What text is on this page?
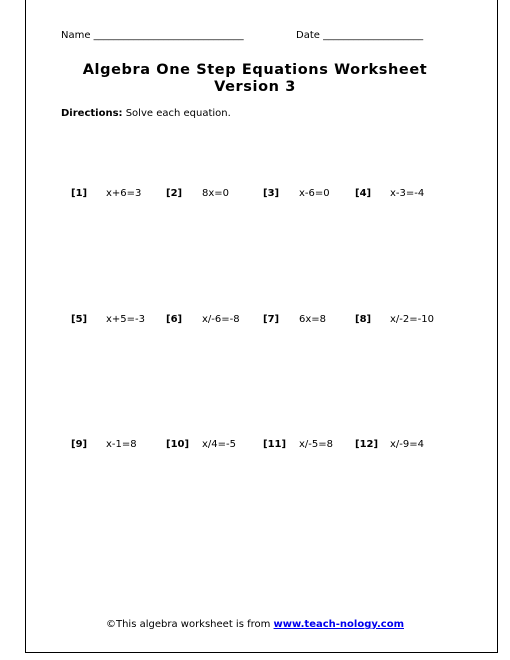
Name ______________________________	Date ____________________
Algebra One Step Equations Worksheet
Version 3
Directions: Solve each equation.
[1] x+6=3 [2] 8x=0	[3] x-6=0	[4] x-3=-4
[5] x+5=-3 [6] x/-6=-8 [7] 6x=8	[8] x/-2=-10
[9] x-1=8	[10] x/4=-5	[11] x/-5=8 [12] x/-9=4
©This algebra worksheet is from www.teach-nology.com
